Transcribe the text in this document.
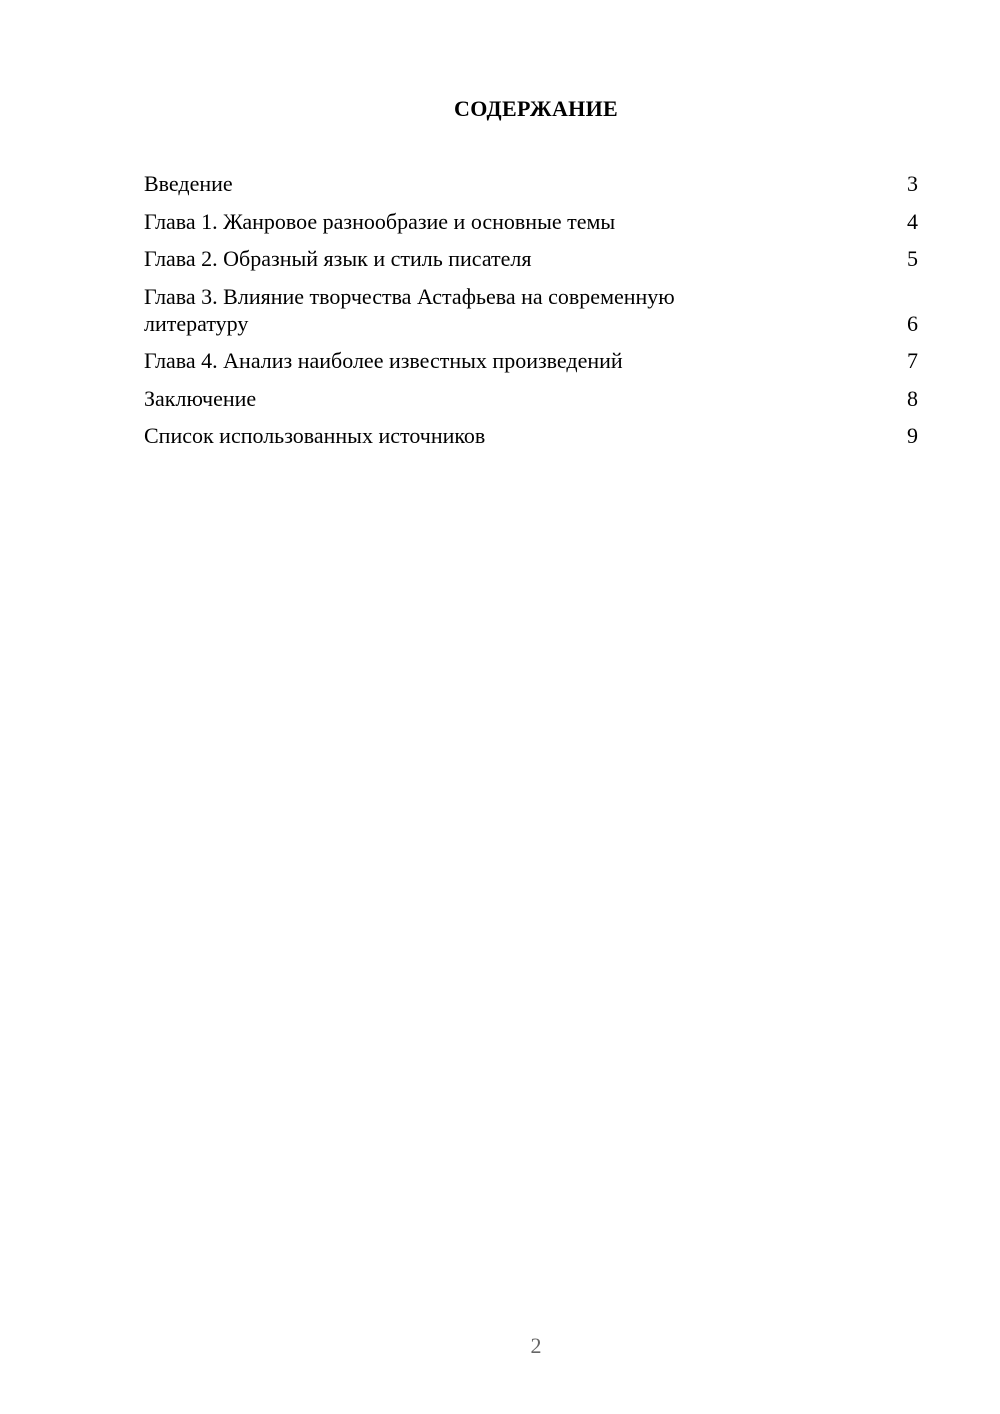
СОДЕРЖАНИЕ
Введение	3
Глава 1. Жанровое разнообразие и основные темы	4
Глава 2. Образный язык и стиль писателя	5
Глава 3. Влияние творчества Астафьева на современную литературу	6
Глава 4. Анализ наиболее известных произведений	7
Заключение	8
Список использованных источников	9
2
